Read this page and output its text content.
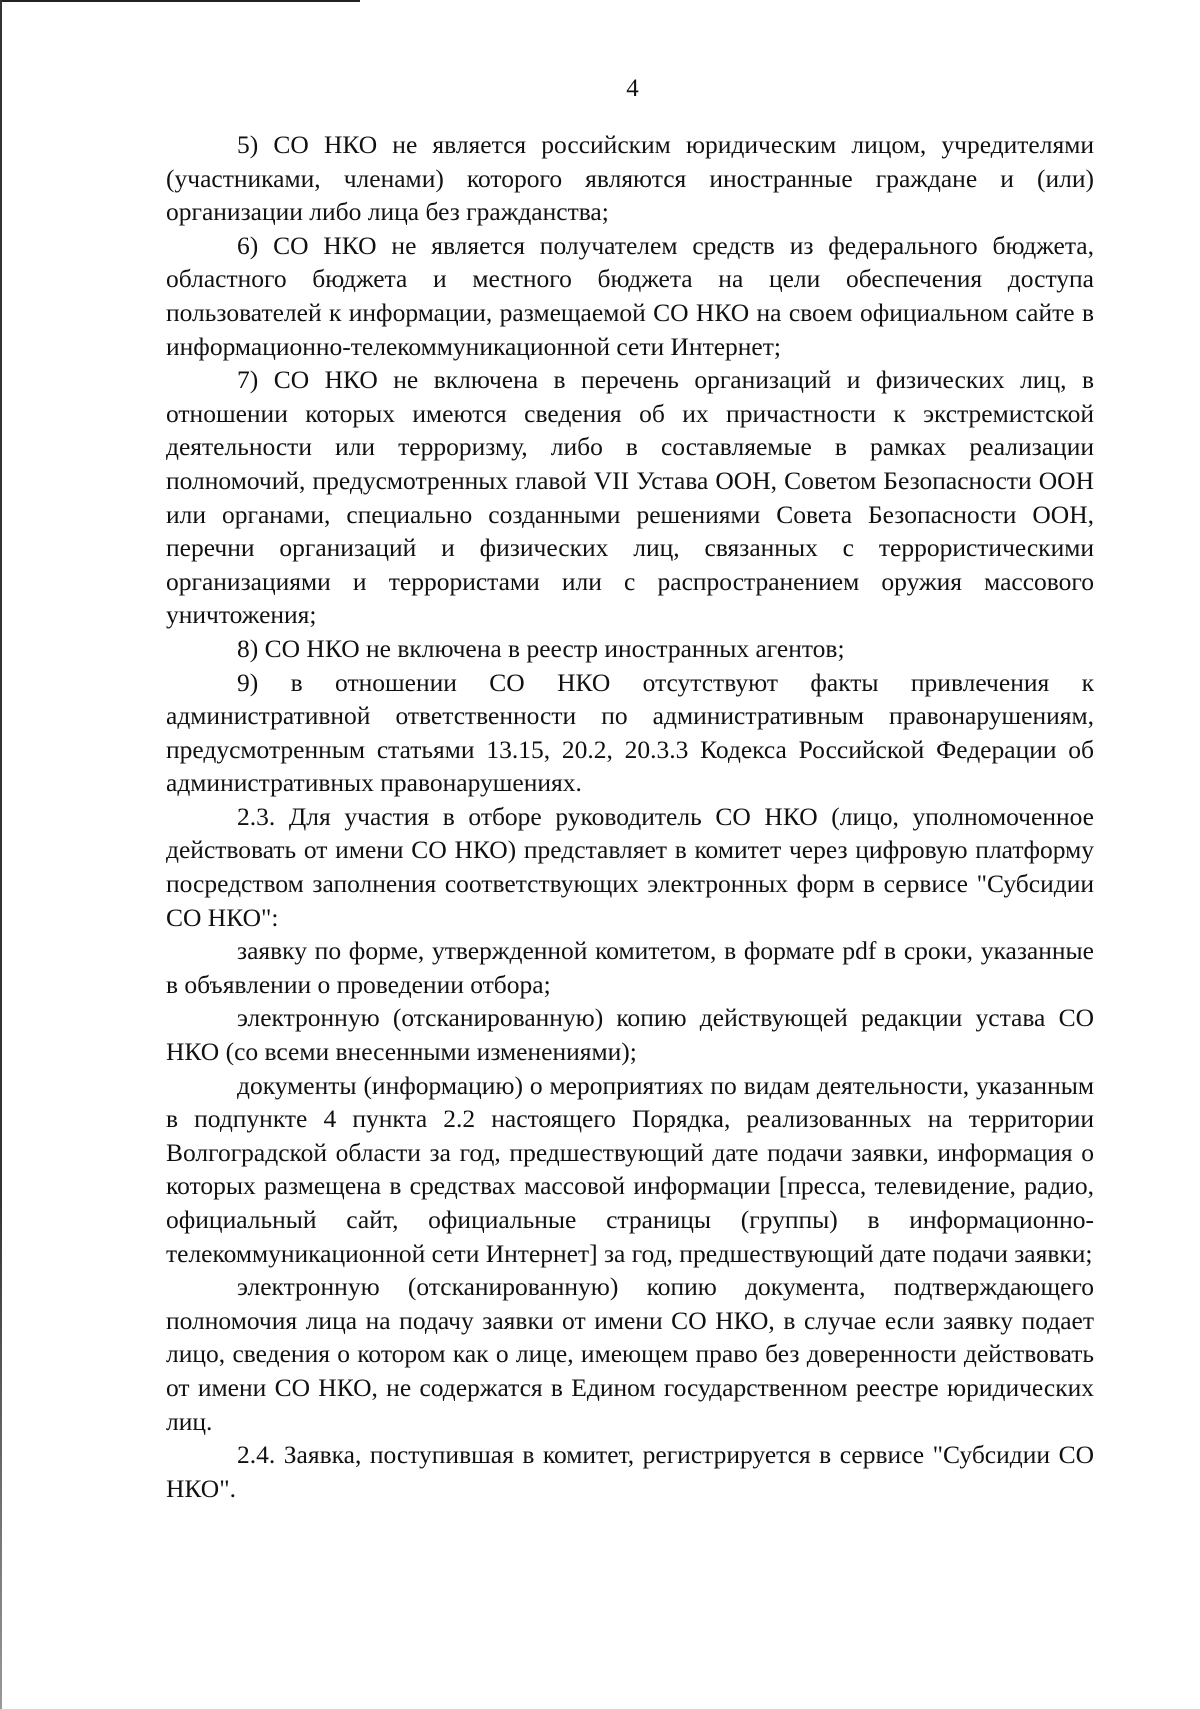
4

5) СО НКО не является российским юридическим лицом, учредителями (участниками, членами) которого являются иностранные граждане и (или) организации либо лица без гражданства;

6) СО НКО не является получателем средств из федерального бюджета, областного бюджета и местного бюджета на цели обеспечения доступа пользователей к информации, размещаемой СО НКО на своем официальном сайте в информационно-телекоммуникационной сети Интернет;

7) СО НКО не включена в перечень организаций и физических лиц, в отношении которых имеются сведения об их причастности к экстремистской деятельности или терроризму, либо в составляемые в рамках реализации полномочий, предусмотренных главой VII Устава ООН, Советом Безопасности ООН или органами, специально созданными решениями Совета Безопасности ООН, перечни организаций и физических лиц, связанных с террористическими организациями и террористами или с распространением оружия массового уничтожения;

8) СО НКО не включена в реестр иностранных агентов;

9) в отношении СО НКО отсутствуют факты привлечения к административной ответственности по административным правонарушениям, предусмотренным статьями 13.15, 20.2, 20.3.3 Кодекса Российской Федерации об административных правонарушениях.

2.3. Для участия в отборе руководитель СО НКО (лицо, уполномоченное действовать от имени СО НКО) представляет в комитет через цифровую платформу посредством заполнения соответствующих электронных форм в сервисе "Субсидии СО НКО":

заявку по форме, утвержденной комитетом, в формате pdf в сроки, указанные в объявлении о проведении отбора;

электронную (отсканированную) копию действующей редакции устава СО НКО (со всеми внесенными изменениями);

документы (информацию) о мероприятиях по видам деятельности, указанным в подпункте 4 пункта 2.2 настоящего Порядка, реализованных на территории Волгоградской области за год, предшествующий дате подачи заявки, информация о которых размещена в средствах массовой информации [пресса, телевидение, радио, официальный сайт, официальные страницы (группы) в информационно-телекоммуникационной сети Интернет] за год, предшествующий дате подачи заявки;

электронную (отсканированную) копию документа, подтверждающего полномочия лица на подачу заявки от имени СО НКО, в случае если заявку подает лицо, сведения о котором как о лице, имеющем право без доверенности действовать от имени СО НКО, не содержатся в Едином государственном реестре юридических лиц.

2.4. Заявка, поступившая в комитет, регистрируется в сервисе "Субсидии СО НКО".
